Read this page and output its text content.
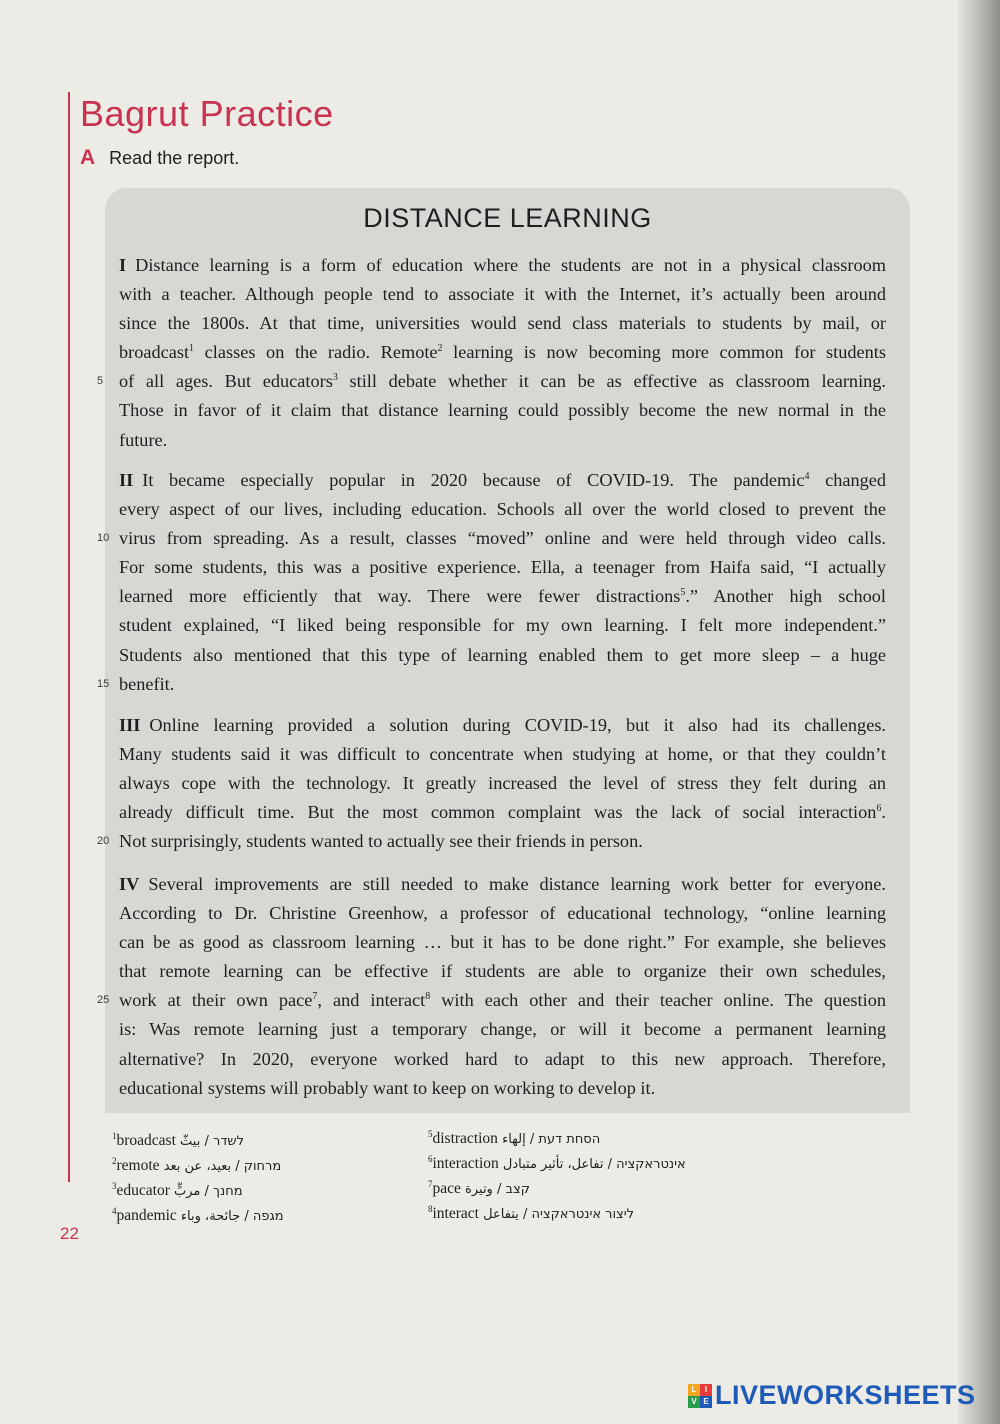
Bagrut Practice
A Read the report.
DISTANCE LEARNING
I Distance learning is a form of education where the students are not in a physical classroom
with a teacher. Although people tend to associate it with the Internet, it’s actually been around
since the 1800s. At that time, universities would send class materials to students by mail, or
broadcast$^1$ classes on the radio. Remote$^2$ learning is now becoming more common for students
5 of all ages. But educators$^3$ still debate whether it can be as effective as classroom learning.
Those in favor of it claim that distance learning could possibly become the new normal in the
future.
II It became especially popular in 2020 because of COVID-19. The pandemic$^4$ changed
every aspect of our lives, including education. Schools all over the world closed to prevent the
10 virus from spreading. As a result, classes “moved” online and were held through video calls.
For some students, this was a positive experience. Ella, a teenager from Haifa said, “I actually
learned more efficiently that way. There were fewer distractions$^5$.” Another high school
student explained, “I liked being responsible for my own learning. I felt more independent.”
Students also mentioned that this type of learning enabled them to get more sleep – a huge
15 benefit.
III Online learning provided a solution during COVID-19, but it also had its challenges.
Many students said it was difficult to concentrate when studying at home, or that they couldn’t
always cope with the technology. It greatly increased the level of stress they felt during an
already difficult time. But the most common complaint was the lack of social interaction$^6$.
20 Not surprisingly, students wanted to actually see their friends in person.
IV Several improvements are still needed to make distance learning work better for everyone.
According to Dr. Christine Greenhow, a professor of educational technology, “online learning
can be as good as classroom learning … but it has to be done right.” For example, she believes
that remote learning can be effective if students are able to organize their own schedules,
25 work at their own pace$^7$, and interact$^8$ with each other and their teacher online. The question
is: Was remote learning just a temporary change, or will it become a permanent learning
alternative? In 2020, everyone worked hard to adapt to this new approach. Therefore,
educational systems will probably want to keep on working to develop it.
$^1$broadcast לשדר / بيثّ
$^2$remote מרחוק / بعيد، عن بعد
$^3$educator מחנך / مربٍّ
$^4$pandemic מגפה / جائحة، وباء
$^5$distraction הסחת דעת / إلهاء
$^6$interaction אינטראקציה / تفاعل، تأثير متبادل
$^7$pace קצב / وتيرة
$^8$interact ליצור אינטראקציה / يتفاعل
22
L	I
V E LIVEWORKSHEETS
